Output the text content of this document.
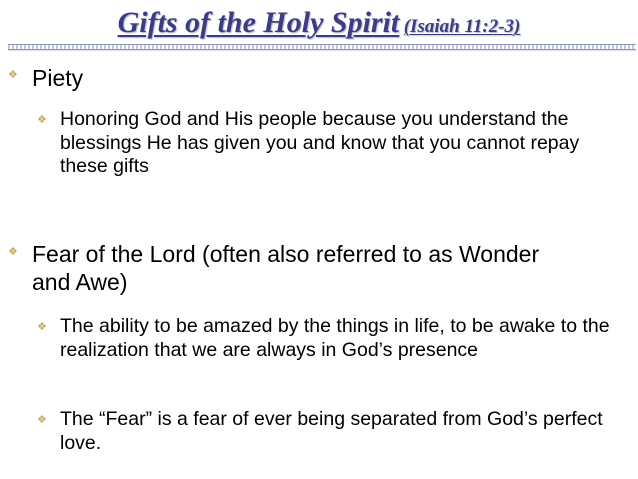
Gifts of the Holy Spirit (Isaiah 11:2-3)
❖ Piety

❖ Honoring God and His people because you understand the blessings He has given you and know that you cannot repay these gifts

❖ Fear of the Lord (often also referred to as Wonder and Awe)

❖ The ability to be amazed by the things in life, to be awake to the realization that we are always in God’s presence

❖ The “Fear” is a fear of ever being separated from God’s perfect love.
